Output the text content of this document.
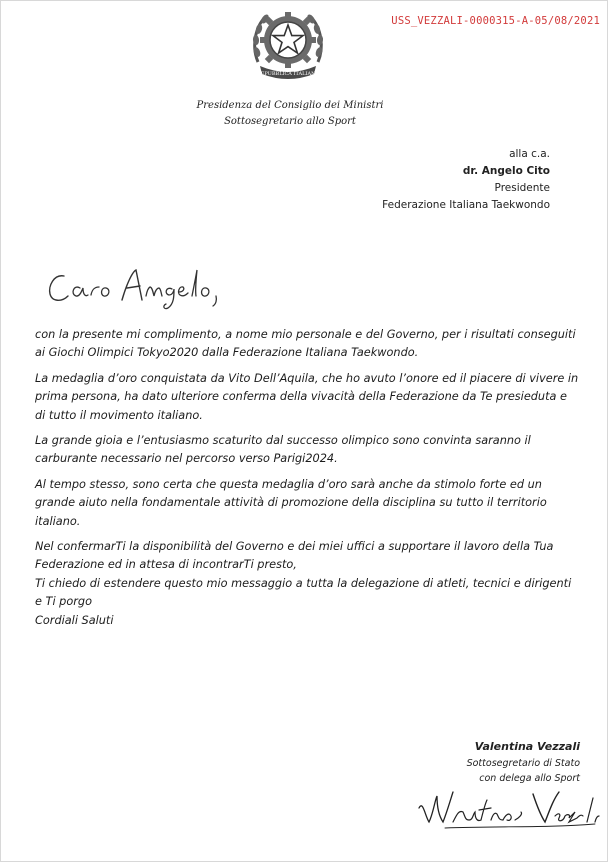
USS_VEZZALI-0000315-A-05/08/2021
REPUBBLICA ITALIANA
Presidenza del Consiglio dei Ministri
Sottosegretario allo Sport
alla c.a.
dr. Angelo Cito
Presidente
Federazione Italiana Taekwondo

con la presente mi complimento, a nome mio personale e del Governo, per i risultati conseguiti ai Giochi Olimpici Tokyo2020 dalla Federazione Italiana Taekwondo.

La medaglia d’oro conquistata da Vito Dell’Aquila, che ho avuto l’onore ed il piacere di vivere in prima persona, ha dato ulteriore conferma della vivacità della Federazione da Te presieduta e di tutto il movimento italiano.

La grande gioia e l’entusiasmo scaturito dal successo olimpico sono convinta saranno il carburante necessario nel percorso verso Parigi2024.

Al tempo stesso, sono certa che questa medaglia d’oro sarà anche da stimolo forte ed un grande aiuto nella fondamentale attività di promozione della disciplina su tutto il territorio italiano.

Nel confermarTi la disponibilità del Governo e dei miei uffici a supportare il lavoro della Tua Federazione ed in attesa di incontrarTi presto,
Ti chiedo di estendere questo mio messaggio a tutta la delegazione di atleti, tecnici e dirigenti e Ti porgo
Cordiali Saluti

Valentina Vezzali
Sottosegretario di Stato
con delega allo Sport
